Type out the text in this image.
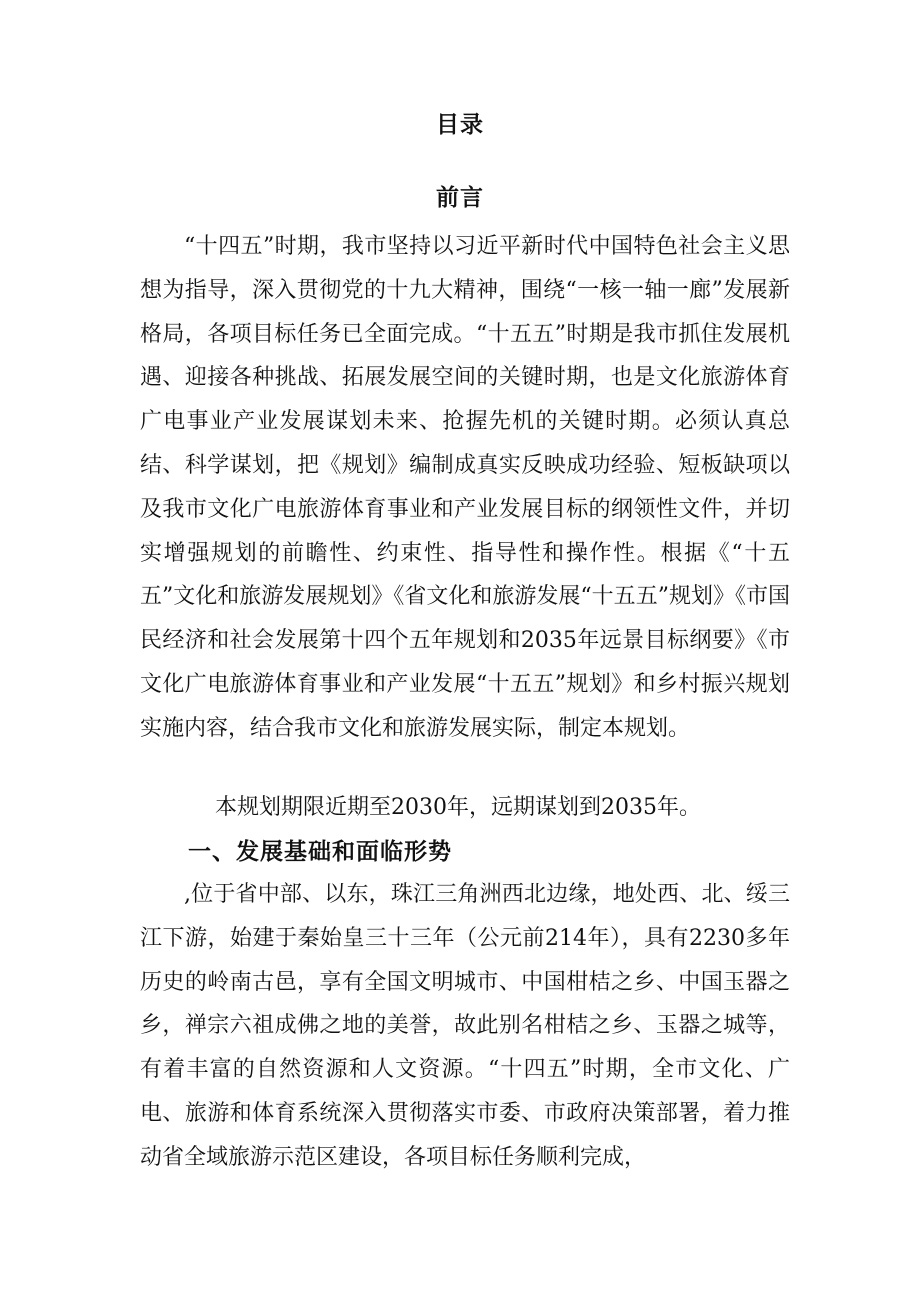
目录
前言

“十四五”时期，我市坚持以习近平新时代中国特色社会主义思想为指导，深入贯彻党的十九大精神，围绕“一核一轴一廊”发展新格局，各项目标任务已全面完成。“十五五”时期是我市抓住发展机遇、迎接各种挑战、拓展发展空间的关键时期，也是文化旅游体育广电事业产业发展谋划未来、抢握先机的关键时期。必须认真总结、科学谋划，把《规划》编制成真实反映成功经验、短板缺项以及我市文化广电旅游体育事业和产业发展目标的纲领性文件，并切实增强规划的前瞻性、约束性、指导性和操作性。根据《“十五五”文化和旅游发展规划》《省文化和旅游发展“十五五”规划》《市国民经济和社会发展第十四个五年规划和2035年远景目标纲要》《市文化广电旅游体育事业和产业发展“十五五”规划》和乡村振兴规划实施内容，结合我市文化和旅游发展实际，制定本规划。

本规划期限近期至2030年，远期谋划到2035年。

一、发展基础和面临形势

,位于省中部、以东，珠江三角洲西北边缘，地处西、北、绥三江下游，始建于秦始皇三十三年（公元前214年），具有2230多年历史的岭南古邑，享有全国文明城市、中国柑桔之乡、中国玉器之乡，禅宗六祖成佛之地的美誉，故此别名柑桔之乡、玉器之城等，有着丰富的自然资源和人文资源。“十四五”时期，全市文化、广电、旅游和体育系统深入贯彻落实市委、市政府决策部署，着力推动省全域旅游示范区建设，各项目标任务顺利完成，
